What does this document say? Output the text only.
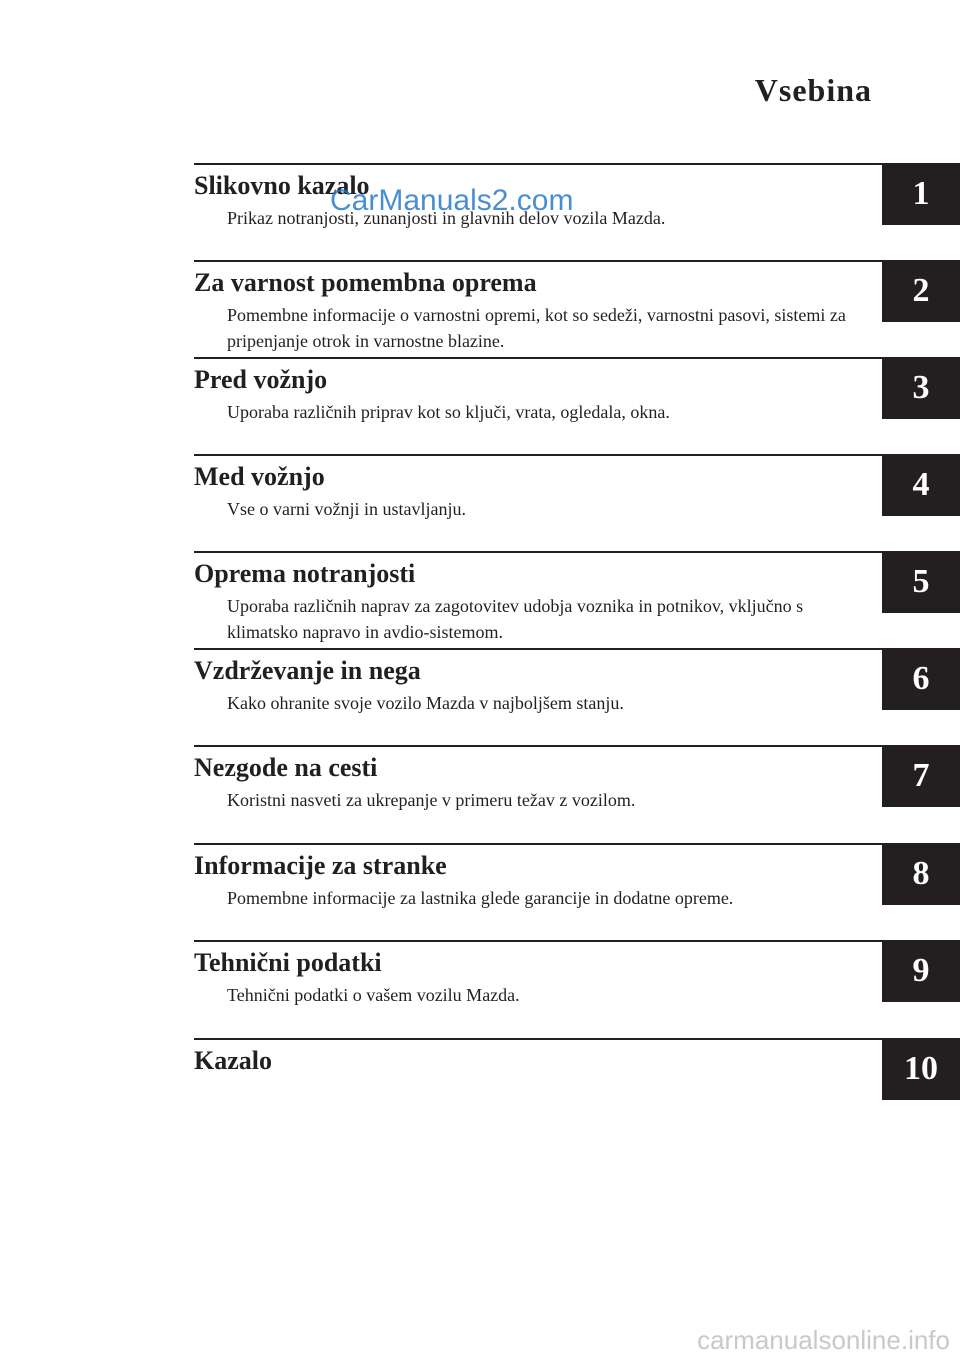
Vsebina
Slikovno kazalo

Prikaz notranjosti, zunanjosti in glavnih delov vozila Mazda.

1
Za varnost pomembna oprema

Pomembne informacije o varnostni opremi, kot so sedeži, varnostni pasovi, sistemi za pripenjanje otrok in varnostne blazine.

2
Pred vožnjo

Uporaba različnih priprav kot so ključi, vrata, ogledala, okna.

3
Med vožnjo

Vse o varni vožnji in ustavljanju.

4
Oprema notranjosti

Uporaba različnih naprav za zagotovitev udobja voznika in potnikov, vključno s klimatsko napravo in avdio-sistemom.

5
Vzdrževanje in nega

Kako ohranite svoje vozilo Mazda v najboljšem stanju.

6
Nezgode na cesti

Koristni nasveti za ukrepanje v primeru težav z vozilom.

7
Informacije za stranke

Pomembne informacije za lastnika glede garancije in dodatne opreme.

8
Tehnični podatki

Tehnični podatki o vašem vozilu Mazda.

9
Kazalo	10
CarManuals2.com
carmanualsonline.info
